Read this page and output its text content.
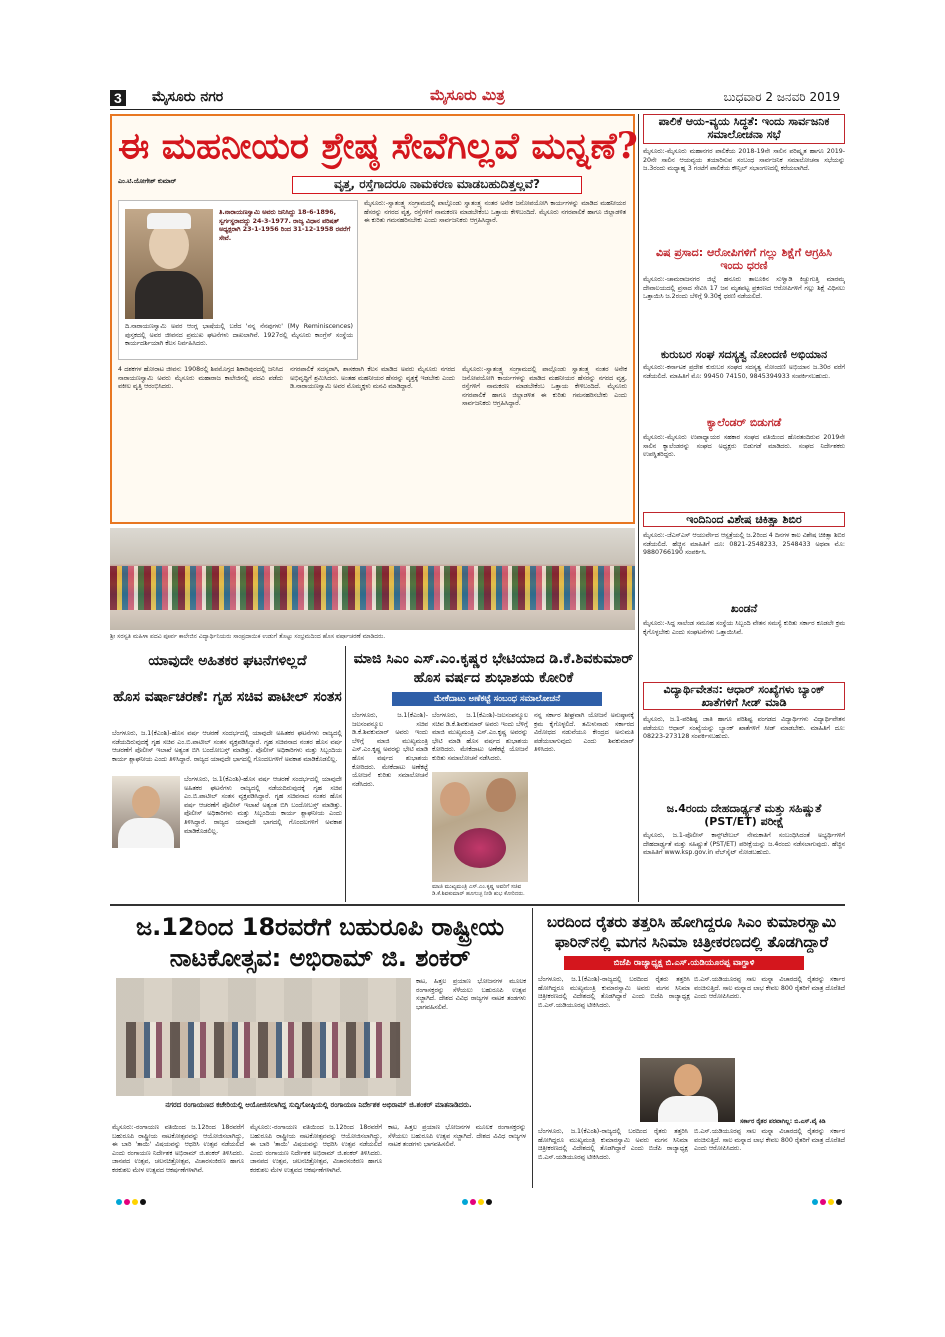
3 ಮೈಸೂರು ನಗರ	ಮೈಸೂರು ಮಿತ್ರ	ಬುಧವಾರ 2 ಜನವರಿ 2019
ಈ ಮಹನೀಯರ ಶ್ರೇಷ್ಠ ಸೇವೆಗಿಲ್ಲವೆ ಮನ್ನಣೆ?
ವೃತ್ತ, ರಸ್ತೆಗಾದರೂ ನಾಮಕರಣ ಮಾಡಬಹುದಿತ್ತಲ್ಲವೆ?
ಎಂ.ಟಿ.ಯೋಗೇಶ್ ಕುಮಾರ್
ತಿ.ನಾರಾಯಣಸ್ವಾಮಿ ಅವರು ಜನಿಸಿದ್ದು 18-6-1896, ಸ್ವರ್ಗಸ್ಥರಾದದ್ದು 24-3-1977. ರಾಜ್ಯ ವಿಧಾನ ಪರಿಷತ್ ಅಧ್ಯಕ್ಷರಾಗಿ 23-1-1956 ರಿಂದ 31-12-1958 ರವರೆಗೆ ಸೇವೆ.
ದಿ.ನಾರಾಯಣಸ್ವಾಮಿ ಅವರ ಆಂಗ್ಲ ಭಾಷೆಯಲ್ಲಿ ಬರೆದ 'ನನ್ನ ನೆನಪುಗಳು' (My Reminiscences) ಪುಸ್ತಕದಲ್ಲಿ ಅವರ ಜೀವನದ ಪ್ರಮುಖ ಘಟನೆಗಳು ದಾಖಲಾಗಿವೆ. 1927ರಲ್ಲಿ ಮೈಸೂರು ಕಾಂಗ್ರೆಸ್ ಸಂಸ್ಥೆಯ ಕಾರ್ಯದರ್ಶಿಯಾಗಿ ಕೆಲಸ ನಿರ್ವಹಿಸಿದರು.
ಮೈಸೂರು:-ಸ್ವಾತಂತ್ರ್ಯ ಸಂಗ್ರಾಮದಲ್ಲಿ ಪಾಲ್ಗೊಂಡು ಸ್ವಾತಂತ್ರ್ಯ ನಂತರ ಅನೇಕ ಜನೋಪಯೋಗಿ ಕಾರ್ಯಗಳನ್ನು ಮಾಡಿದ ಮಹನೀಯರ ಹೆಸರನ್ನು ನಗರದ ವೃತ್ತ, ರಸ್ತೆಗಳಿಗೆ ನಾಮಕರಣ ಮಾಡಬೇಕೆಂಬ ಒತ್ತಾಯ ಕೇಳಿಬಂದಿದೆ. ಮೈಸೂರು ನಗರಪಾಲಿಕೆ ಹಾಗೂ ಜಿಲ್ಲಾಡಳಿತ ಈ ಕುರಿತು ಗಮನಹರಿಸಬೇಕು ಎಂದು ಸಾರ್ವಜನಿಕರು ಆಗ್ರಹಿಸಿದ್ದಾರೆ.
4 ದಶಕಗಳ ಹೋರಾಟ ಜೀವನ: 1908ರಲ್ಲಿ ಶಿವಮೊಗ್ಗದ ಶಿಕಾರಿಪುರದಲ್ಲಿ ಜನಿಸಿದ ನಾರಾಯಣಸ್ವಾಮಿ ಅವರು ಮೈಸೂರು ಮಹಾರಾಜ ಕಾಲೇಜಿನಲ್ಲಿ ಪದವಿ ಪಡೆದು ವಕೀಲ ವೃತ್ತಿ ಆರಂಭಿಸಿದರು.
ನಗರಪಾಲಿಕೆ ಸದಸ್ಯರಾಗಿ, ಶಾಸಕರಾಗಿ ಕೆಲಸ ಮಾಡಿದ ಅವರು ಮೈಸೂರು ನಗರದ ಅಭಿವೃದ್ಧಿಗೆ ಶ್ರಮಿಸಿದರು. ಅಂತಹ ಮಹನೀಯರ ಹೆಸರನ್ನು ವೃತ್ತಕ್ಕೆ ಇಡಬೇಕು ಎಂದು ಡಿ.ನಾರಾಯಣಸ್ವಾಮಿ ಅವರ ಮೊಮ್ಮಕ್ಕಳು ಮನವಿ ಮಾಡಿದ್ದಾರೆ.
ಮೈಸೂರು:-ಸ್ವಾತಂತ್ರ್ಯ ಸಂಗ್ರಾಮದಲ್ಲಿ ಪಾಲ್ಗೊಂಡು ಸ್ವಾತಂತ್ರ್ಯ ನಂತರ ಅನೇಕ ಜನೋಪಯೋಗಿ ಕಾರ್ಯಗಳನ್ನು ಮಾಡಿದ ಮಹನೀಯರ ಹೆಸರನ್ನು ನಗರದ ವೃತ್ತ, ರಸ್ತೆಗಳಿಗೆ ನಾಮಕರಣ ಮಾಡಬೇಕೆಂಬ ಒತ್ತಾಯ ಕೇಳಿಬಂದಿದೆ. ಮೈಸೂರು ನಗರಪಾಲಿಕೆ ಹಾಗೂ ಜಿಲ್ಲಾಡಳಿತ ಈ ಕುರಿತು ಗಮನಹರಿಸಬೇಕು ಎಂದು ಸಾರ್ವಜನಿಕರು ಆಗ್ರಹಿಸಿದ್ದಾರೆ.
ಶ್ರೀ ಸರಸ್ವತಿ ಮಹಿಳಾ ಪದವಿ ಪೂರ್ವ ಕಾಲೇಜಿನ ವಿದ್ಯಾರ್ಥಿನಿಯರು ಸಾಂಪ್ರದಾಯಿಕ ಉಡುಗೆ ತೊಟ್ಟು ಸಂಭ್ರಮದಿಂದ ಹೊಸ ವರ್ಷಾಚರಣೆ ಮಾಡಿದರು.
ಪಾಲಿಕೆ ಆಯ-ವ್ಯಯ ಸಿದ್ಧತೆ: ಇಂದು ಸಾರ್ವಜನಿಕ ಸಮಾಲೋಚನಾ ಸಭೆ
ಮೈಸೂರು:-ಮೈಸೂರು ಮಹಾನಗರ ಪಾಲಿಕೆಯ 2018-19ನೇ ಸಾಲಿನ ಪರಿಷ್ಕೃತ ಹಾಗೂ 2019-20ನೇ ಸಾಲಿನ ಆಯವ್ಯಯ ತಯಾರಿಸುವ ಸಂಬಂಧ ಸಾರ್ವಜನಿಕ ಸಮಾಲೋಚನಾ ಸಭೆಯನ್ನು ಜ.3ರಂದು ಮಧ್ಯಾಹ್ನ 3 ಗಂಟೆಗೆ ಪಾಲಿಕೆಯ ಕೌನ್ಸಿಲ್ ಸಭಾಂಗಣದಲ್ಲಿ ಕರೆಯಲಾಗಿದೆ.
ವಿಷ ಪ್ರಸಾದ: ಆರೋಪಿಗಳಿಗೆ ಗಲ್ಲು ಶಿಕ್ಷೆಗೆ ಆಗ್ರಹಿಸಿ ಇಂದು ಧರಣಿ
ಮೈಸೂರು:-ಚಾಮರಾಜನಗರ ಜಿಲ್ಲೆ ಹನೂರು ತಾಲೂಕಿನ ಸುಳ್ವಾಡಿ ಕಿಚ್ಚುಗುತ್ತಿ ಮಾರಮ್ಮ ದೇವಾಲಯದಲ್ಲಿ ಪ್ರಸಾದ ಸೇವಿಸಿ 17 ಜನ ಮೃತಪಟ್ಟ ಪ್ರಕರಣದ ಆರೋಪಿಗಳಿಗೆ ಗಲ್ಲು ಶಿಕ್ಷೆ ವಿಧಿಸಲು ಒತ್ತಾಯಿಸಿ ಜ.2ರಂದು ಬೆಳಿಗ್ಗೆ 9.30ಕ್ಕೆ ಧರಣಿ ನಡೆಯಲಿದೆ.
ಕುರುಬರ ಸಂಘ ಸದಸ್ಯತ್ವ ನೋಂದಣಿ ಅಭಿಯಾನ
ಮೈಸೂರು:-ಕರ್ನಾಟಕ ಪ್ರದೇಶ ಕುರುಬರ ಸಂಘದ ಸದಸ್ಯತ್ವ ನೋಂದಣಿ ಅಭಿಯಾನ ಜ.30ರ ವರೆಗೆ ನಡೆಯಲಿದೆ. ಮಾಹಿತಿಗೆ ಮೊ: 99450 74150, 9845394933 ಸಂಪರ್ಕಿಸಬಹುದು.
ಕ್ಯಾಲೆಂಡರ್ ಬಿಡುಗಡೆ
ಮೈಸೂರು:-ಮೈಸೂರು ಉಪಾಧ್ಯಾಯರ ಸಹಕಾರ ಸಂಘದ ವತಿಯಿಂದ ಹೊರತಂದಿರುವ 2019ನೇ ಸಾಲಿನ ಕ್ಯಾಲೆಂಡರನ್ನು ಸಂಘದ ಅಧ್ಯಕ್ಷರು ಬಿಡುಗಡೆ ಮಾಡಿದರು. ಸಂಘದ ನಿರ್ದೇಶಕರು ಉಪಸ್ಥಿತರಿದ್ದರು.
ಇಂದಿನಿಂದ ವಿಶೇಷ ಚಿಕಿತ್ಸಾ ಶಿಬಿರ
ಮೈಸೂರು:-ಜೆಎಸ್‌ಎಸ್ ಆಯುರ್ವೇದ ಆಸ್ಪತ್ರೆಯಲ್ಲಿ ಜ.2ರಿಂದ 4 ದಿನಗಳ ಕಾಲ ವಿಶೇಷ ಚಿಕಿತ್ಸಾ ಶಿಬಿರ ನಡೆಯಲಿದೆ. ಹೆಚ್ಚಿನ ಮಾಹಿತಿಗೆ ದೂ: 0821-2548233, 2548433 ಅಥವಾ ಮೊ: 9880766190 ಸಂಪರ್ಕಿಸಿ.
ಖಂಡನೆ
ಮೈಸೂರು:-ಸಿದ್ದ ಸಾಲೆಂಡ ಸಮೂಹ ಸಂಸ್ಥೆಯ ಸಿಬ್ಬಂದಿ ವೇತನ ಸಮಸ್ಯೆ ಕುರಿತು ಸರ್ಕಾರ ಕೂಡಲೇ ಕ್ರಮ ಕೈಗೊಳ್ಳಬೇಕು ಎಂದು ಸಂಘಟನೆಗಳು ಒತ್ತಾಯಿಸಿವೆ.
ವಿದ್ಯಾರ್ಥಿವೇತನ: ಆಧಾರ್ ಸಂಖ್ಯೆಗಳು ಬ್ಯಾಂಕ್ ಖಾತೆಗಳಿಗೆ ಸೀಡ್ ಮಾಡಿ
ಮೈಸೂರು, ಜ.1-ಪರಿಶಿಷ್ಟ ಜಾತಿ ಹಾಗೂ ಪರಿಶಿಷ್ಟ ಪಂಗಡದ ವಿದ್ಯಾರ್ಥಿಗಳು ವಿದ್ಯಾರ್ಥಿವೇತನ ಪಡೆಯಲು ಆಧಾರ್ ಸಂಖ್ಯೆಯನ್ನು ಬ್ಯಾಂಕ್ ಖಾತೆಗಳಿಗೆ ಸೀಡ್ ಮಾಡಬೇಕು. ಮಾಹಿತಿಗೆ ದೂ: 08223-273128 ಸಂಪರ್ಕಿಸಬಹುದು.
ಜ.4ರಂದು ದೇಹದಾರ್ಢ್ಯತೆ ಮತ್ತು ಸಹಿಷ್ಣುತೆ (PST/ET) ಪರೀಕ್ಷೆ
ಮೈಸೂರು, ಜ.1-ಪೊಲೀಸ್ ಕಾನ್ಸ್‌ಟೇಬಲ್ ನೇಮಕಾತಿಗೆ ಸಂಬಂಧಿಸಿದಂತೆ ಅಭ್ಯರ್ಥಿಗಳಿಗೆ ದೇಹದಾರ್ಢ್ಯತೆ ಮತ್ತು ಸಹಿಷ್ಣುತೆ (PST/ET) ಪರೀಕ್ಷೆಯನ್ನು ಜ.4ರಂದು ನಡೆಸಲಾಗುವುದು. ಹೆಚ್ಚಿನ ಮಾಹಿತಿಗೆ www.ksp.gov.in ವೆಬ್‌ಸೈಟ್ ನೋಡಬಹುದು.
ಯಾವುದೇ ಅಹಿತಕರ ಘಟನೆಗಳಿಲ್ಲದೆ
ಹೊಸ ವರ್ಷಾಚರಣೆ: ಗೃಹ ಸಚಿವ ಪಾಟೀಲ್ ಸಂತಸ
ಬೆಂಗಳೂರು, ಜ.1(ಕೆಎಂಶಿ)-ಹೊಸ ವರ್ಷ ಆಚರಣೆ ಸಂದರ್ಭದಲ್ಲಿ ಯಾವುದೇ ಅಹಿತಕರ ಘಟನೆಗಳು ರಾಜ್ಯದಲ್ಲಿ ನಡೆಯದಿರುವುದಕ್ಕೆ ಗೃಹ ಸಚಿವ ಎಂ.ಬಿ.ಪಾಟೀಲ್ ಸಂತಸ ವ್ಯಕ್ತಪಡಿಸಿದ್ದಾರೆ. ಗೃಹ ಸಚಿವನಾದ ನಂತರ ಹೊಸ ವರ್ಷ ಆಚರಣೆಗೆ ಪೊಲೀಸ್ ಇಲಾಖೆ ಅತ್ಯಂತ ಬಿಗಿ ಬಂದೋಬಸ್ತ್ ಮಾಡಿತ್ತು. ಪೊಲೀಸ್ ಅಧಿಕಾರಿಗಳು ಮತ್ತು ಸಿಬ್ಬಂದಿಯ ಕಾರ್ಯ ಶ್ಲಾಘನೀಯ ಎಂದು ತಿಳಿಸಿದ್ದಾರೆ. ರಾಜ್ಯದ ಯಾವುದೇ ಭಾಗದಲ್ಲಿ ಗೊಂದಲಗಳಿಗೆ ಅವಕಾಶ ಮಾಡಿಕೊಡಲಿಲ್ಲ.
ಬೆಂಗಳೂರು, ಜ.1(ಕೆಎಂಶಿ)-ಹೊಸ ವರ್ಷ ಆಚರಣೆ ಸಂದರ್ಭದಲ್ಲಿ ಯಾವುದೇ ಅಹಿತಕರ ಘಟನೆಗಳು ರಾಜ್ಯದಲ್ಲಿ ನಡೆಯದಿರುವುದಕ್ಕೆ ಗೃಹ ಸಚಿವ ಎಂ.ಬಿ.ಪಾಟೀಲ್ ಸಂತಸ ವ್ಯಕ್ತಪಡಿಸಿದ್ದಾರೆ. ಗೃಹ ಸಚಿವನಾದ ನಂತರ ಹೊಸ ವರ್ಷ ಆಚರಣೆಗೆ ಪೊಲೀಸ್ ಇಲಾಖೆ ಅತ್ಯಂತ ಬಿಗಿ ಬಂದೋಬಸ್ತ್ ಮಾಡಿತ್ತು. ಪೊಲೀಸ್ ಅಧಿಕಾರಿಗಳು ಮತ್ತು ಸಿಬ್ಬಂದಿಯ ಕಾರ್ಯ ಶ್ಲಾಘನೀಯ ಎಂದು ತಿಳಿಸಿದ್ದಾರೆ. ರಾಜ್ಯದ ಯಾವುದೇ ಭಾಗದಲ್ಲಿ ಗೊಂದಲಗಳಿಗೆ ಅವಕಾಶ ಮಾಡಿಕೊಡಲಿಲ್ಲ.
ಮಾಜಿ ಸಿಎಂ ಎಸ್.ಎಂ.ಕೃಷ್ಣರ ಭೇಟಿಯಾದ ಡಿ.ಕೆ.ಶಿವಕುಮಾರ್ ಹೊಸ ವರ್ಷದ ಶುಭಾಶಯ ಕೋರಿಕೆ
ಮೇಕೆದಾಟು ಅಣೆಕಟ್ಟೆ ಸಂಬಂಧ ಸಮಾಲೋಚನೆ
ಬೆಂಗಳೂರು, ಜ.1(ಕೆಎಂಶಿ)-ಜಲಸಂಪನ್ಮೂಲ ಸಚಿವ ಡಿ.ಕೆ.ಶಿವಕುಮಾರ್ ಅವರು ಇಂದು ಬೆಳಿಗ್ಗೆ ಮಾಜಿ ಮುಖ್ಯಮಂತ್ರಿ ಎಸ್.ಎಂ.ಕೃಷ್ಣ ಅವರನ್ನು ಭೇಟಿ ಮಾಡಿ ಹೊಸ ವರ್ಷದ ಶುಭಾಶಯ ಕೋರಿದರು. ಮೇಕೆದಾಟು ಅಣೆಕಟ್ಟೆ ಯೋಜನೆ ಕುರಿತು ಸಮಾಲೋಚನೆ ನಡೆಸಿದರು.
ಮಾಜಿ ಮುಖ್ಯಮಂತ್ರಿ ಎಸ್.ಎಂ.ಕೃಷ್ಣ ಅವರಿಗೆ ಸಚಿವ ಡಿ.ಕೆ.ಶಿವಕುಮಾರ್ ಹೂಗುಚ್ಛ ನೀಡಿ ಶುಭ ಕೋರಿದರು.
ಬೆಂಗಳೂರು, ಜ.1(ಕೆಎಂಶಿ)-ಜಲಸಂಪನ್ಮೂಲ ಸಚಿವ ಡಿ.ಕೆ.ಶಿವಕುಮಾರ್ ಅವರು ಇಂದು ಬೆಳಿಗ್ಗೆ ಮಾಜಿ ಮುಖ್ಯಮಂತ್ರಿ ಎಸ್.ಎಂ.ಕೃಷ್ಣ ಅವರನ್ನು ಭೇಟಿ ಮಾಡಿ ಹೊಸ ವರ್ಷದ ಶುಭಾಶಯ ಕೋರಿದರು. ಮೇಕೆದಾಟು ಅಣೆಕಟ್ಟೆ ಯೋಜನೆ ಕುರಿತು ಸಮಾಲೋಚನೆ ನಡೆಸಿದರು.
ನನ್ನ ಸರ್ಕಾರ ಶೀಘ್ರವಾಗಿ ಯೋಜನೆ ಅನುಷ್ಠಾನಕ್ಕೆ ಕ್ರಮ ಕೈಗೊಳ್ಳಲಿದೆ. ತಮಿಳುನಾಡು ಸರ್ಕಾರದ ವಿರೋಧದ ನಡುವೆಯೂ ಕೇಂದ್ರದ ಅನುಮತಿ ಪಡೆಯಲಾಗುವುದು ಎಂದು ಶಿವಕುಮಾರ್ ತಿಳಿಸಿದರು.
ಜ.12ರಿಂದ 18ರವರೆಗೆ ಬಹುರೂಪಿ ರಾಷ್ಟ್ರೀಯ ನಾಟಕೋತ್ಸವ: ಅಭಿರಾಮ್ ಜಿ. ಶಂಕರ್
ಕಾಟ, ಹಿತ್ತಲ ಪ್ರಯಾಣ ಭೋಜನಗಳ ಮೂಲಕ ರಂಗಾಸಕ್ತರನ್ನು ಸೆಳೆಯಲು ಬಹುರೂಪಿ ಉತ್ಸವ ಸಜ್ಜಾಗಿದೆ. ದೇಶದ ವಿವಿಧ ರಾಜ್ಯಗಳ ನಾಟಕ ತಂಡಗಳು ಭಾಗವಹಿಸಲಿವೆ.
ನಗರದ ರಂಗಾಯಣದ ಕಚೇರಿಯಲ್ಲಿ ಆಯೋಜಿಸಲಾಗಿದ್ದ ಸುದ್ದಿಗೋಷ್ಠಿಯಲ್ಲಿ ರಂಗಾಯಣ ನಿರ್ದೇಶಕ ಅಭಿರಾಮ್ ಜಿ.ಶಂಕರ್ ಮಾತನಾಡಿದರು.
ಮೈಸೂರು:-ರಂಗಾಯಣ ವತಿಯಿಂದ ಜ.12ರಿಂದ 18ರವರೆಗೆ ಬಹುರೂಪಿ ರಾಷ್ಟ್ರೀಯ ನಾಟಕೋತ್ಸವವನ್ನು ಆಯೋಜಿಸಲಾಗಿದ್ದು, ಈ ಬಾರಿ 'ತಾಯಿ' ವಿಷಯವನ್ನು ಆಧರಿಸಿ ಉತ್ಸವ ನಡೆಯಲಿದೆ ಎಂದು ರಂಗಾಯಣ ನಿರ್ದೇಶಕ ಅಭಿರಾಮ್ ಜಿ.ಶಂಕರ್ ತಿಳಿಸಿದರು. ಜಾನಪದ ಉತ್ಸವ, ಚಲನಚಿತ್ರೋತ್ಸವ, ವಿಚಾರಸಂಕಿರಣ ಹಾಗೂ ಕರಕುಶಲ ಮೇಳ ಉತ್ಸವದ ಆಕರ್ಷಣೆಗಳಾಗಿವೆ.
ಮೈಸೂರು:-ರಂಗಾಯಣ ವತಿಯಿಂದ ಜ.12ರಿಂದ 18ರವರೆಗೆ ಬಹುರೂಪಿ ರಾಷ್ಟ್ರೀಯ ನಾಟಕೋತ್ಸವವನ್ನು ಆಯೋಜಿಸಲಾಗಿದ್ದು, ಈ ಬಾರಿ 'ತಾಯಿ' ವಿಷಯವನ್ನು ಆಧರಿಸಿ ಉತ್ಸವ ನಡೆಯಲಿದೆ ಎಂದು ರಂಗಾಯಣ ನಿರ್ದೇಶಕ ಅಭಿರಾಮ್ ಜಿ.ಶಂಕರ್ ತಿಳಿಸಿದರು. ಜಾನಪದ ಉತ್ಸವ, ಚಲನಚಿತ್ರೋತ್ಸವ, ವಿಚಾರಸಂಕಿರಣ ಹಾಗೂ ಕರಕುಶಲ ಮೇಳ ಉತ್ಸವದ ಆಕರ್ಷಣೆಗಳಾಗಿವೆ.
ಕಾಟ, ಹಿತ್ತಲ ಪ್ರಯಾಣ ಭೋಜನಗಳ ಮೂಲಕ ರಂಗಾಸಕ್ತರನ್ನು ಸೆಳೆಯಲು ಬಹುರೂಪಿ ಉತ್ಸವ ಸಜ್ಜಾಗಿದೆ. ದೇಶದ ವಿವಿಧ ರಾಜ್ಯಗಳ ನಾಟಕ ತಂಡಗಳು ಭಾಗವಹಿಸಲಿವೆ.
ಬರದಿಂದ ರೈತರು ತತ್ತರಿಸಿ ಹೋಗಿದ್ದರೂ ಸಿಎಂ ಕುಮಾರಸ್ವಾಮಿ ಫಾರಿನ್‌ನಲ್ಲಿ ಮಗನ ಸಿನಿಮಾ ಚಿತ್ರೀಕರಣದಲ್ಲಿ ತೊಡಗಿದ್ದಾರೆ
ಬಿಜೆಪಿ ರಾಜ್ಯಾಧ್ಯಕ್ಷ ಬಿ.ಎಸ್.ಯಡಿಯೂರಪ್ಪ ವಾಗ್ದಾಳಿ
ಬೆಂಗಳೂರು, ಜ.1(ಕೆಎಂಶಿ)-ರಾಜ್ಯದಲ್ಲಿ ಬರದಿಂದ ರೈತರು ತತ್ತರಿಸಿ ಹೋಗಿದ್ದರೂ ಮುಖ್ಯಮಂತ್ರಿ ಕುಮಾರಸ್ವಾಮಿ ಅವರು ಮಗನ ಸಿನಿಮಾ ಚಿತ್ರೀಕರಣದಲ್ಲಿ ವಿದೇಶದಲ್ಲಿ ತೊಡಗಿದ್ದಾರೆ ಎಂದು ಬಿಜೆಪಿ ರಾಜ್ಯಾಧ್ಯಕ್ಷ ಬಿ.ಎಸ್.ಯಡಿಯೂರಪ್ಪ ಟೀಕಿಸಿದರು.
ಬಿ.ಎಸ್.ಯಡಿಯೂರಪ್ಪ ಸಾಲ ಮನ್ನಾ ವಿಚಾರದಲ್ಲಿ ರೈತರನ್ನು ಸರ್ಕಾರ ವಂಚಿಸುತ್ತಿದೆ. ಸಾಲ ಮನ್ನಾದ ಲಾಭ ಕೇವಲ 800 ರೈತರಿಗೆ ಮಾತ್ರ ದೊರೆತಿದೆ ಎಂದು ಆರೋಪಿಸಿದರು.
ಸರ್ಕಾರ ರೈತರ ಪರವಾಗಿಲ್ಲ: ಬಿ.ಎಸ್.ವೈ ಕಿಡಿ
ಬೆಂಗಳೂರು, ಜ.1(ಕೆಎಂಶಿ)-ರಾಜ್ಯದಲ್ಲಿ ಬರದಿಂದ ರೈತರು ತತ್ತರಿಸಿ ಹೋಗಿದ್ದರೂ ಮುಖ್ಯಮಂತ್ರಿ ಕುಮಾರಸ್ವಾಮಿ ಅವರು ಮಗನ ಸಿನಿಮಾ ಚಿತ್ರೀಕರಣದಲ್ಲಿ ವಿದೇಶದಲ್ಲಿ ತೊಡಗಿದ್ದಾರೆ ಎಂದು ಬಿಜೆಪಿ ರಾಜ್ಯಾಧ್ಯಕ್ಷ ಬಿ.ಎಸ್.ಯಡಿಯೂರಪ್ಪ ಟೀಕಿಸಿದರು.
ಬಿ.ಎಸ್.ಯಡಿಯೂರಪ್ಪ ಸಾಲ ಮನ್ನಾ ವಿಚಾರದಲ್ಲಿ ರೈತರನ್ನು ಸರ್ಕಾರ ವಂಚಿಸುತ್ತಿದೆ. ಸಾಲ ಮನ್ನಾದ ಲಾಭ ಕೇವಲ 800 ರೈತರಿಗೆ ಮಾತ್ರ ದೊರೆತಿದೆ ಎಂದು ಆರೋಪಿಸಿದರು.
